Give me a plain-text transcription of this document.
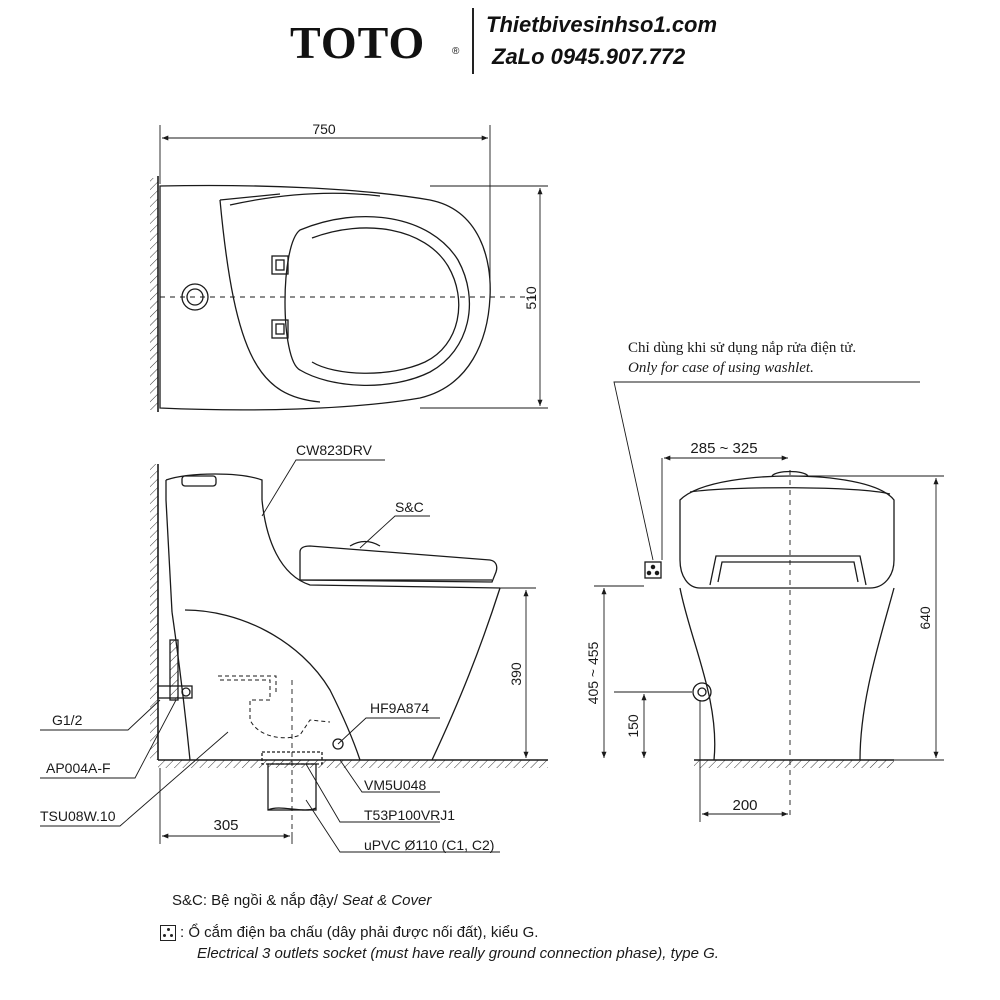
TOTO	®
Thietbivesinhso1.com
ZaLo 0945.907.772
750
510
CW823DRV
S&C
HF9A874
G1/2
AP004A-F
TSU08W.10
VM5U048
T53P100VRJ1
uPVC Ø110 (C1, C2)
390
305
285 ~ 325
405 ~ 455
150
640
200
Chỉ dùng khi sử dụng nắp rửa điện tử.
Only for case of using washlet.
S&C: Bệ ngồi & nắp đậy/ Seat & Cover
: Ổ cắm điện ba chấu (dây phải được nối đất), kiểu G.
Electrical 3 outlets socket (must have really ground connection phase), type G.
